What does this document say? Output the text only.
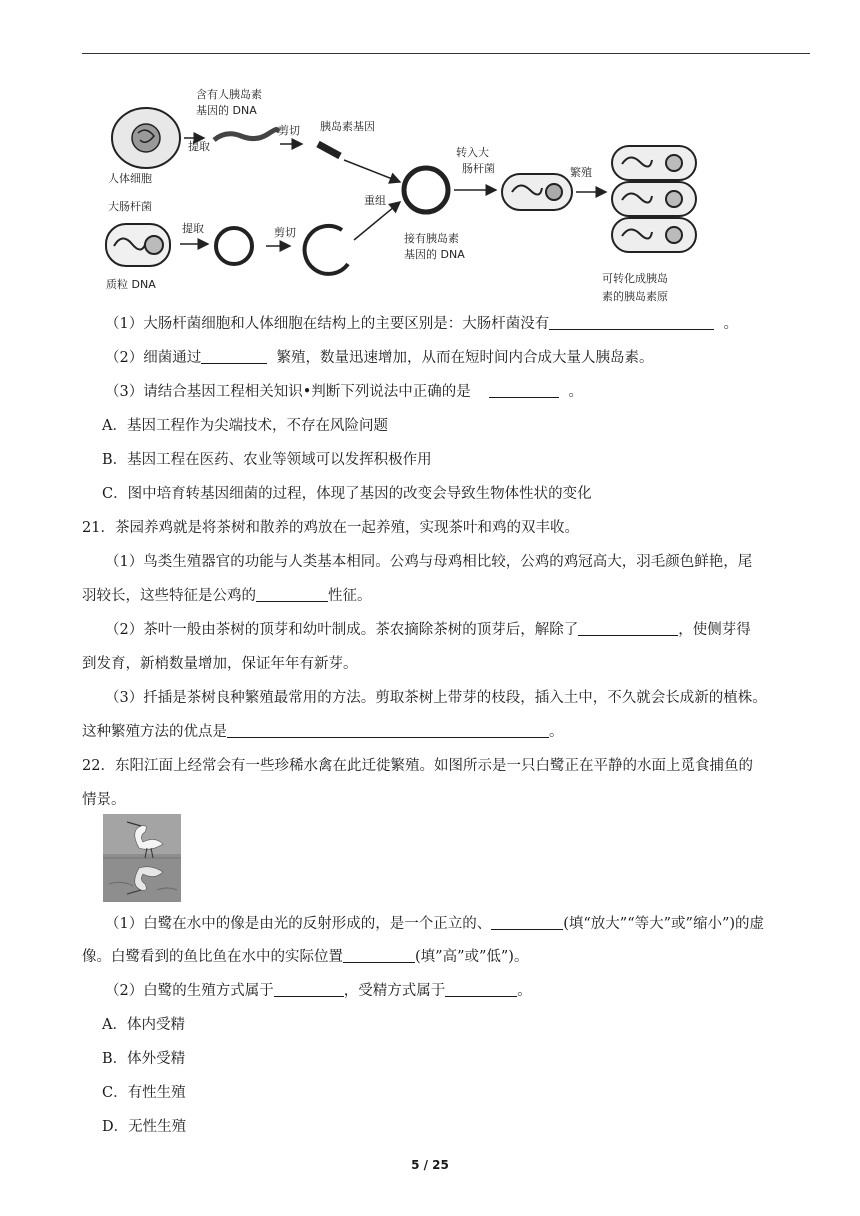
人体细胞
提取
含有人胰岛素
基因的 DNA
剪切 胰岛素基因
大肠杆菌
质粒 DNA
提取	剪切
重组
接有胰岛素
基因的 DNA
转入大
肠杆菌	繁殖
可转化成胰岛
素的胰岛素原
（1）大肠杆菌细胞和人体细胞在结构上的主要区别是：大肠杆菌没有	。
（2）细菌通过	繁殖，数量迅速增加，从而在短时间内合成大量人胰岛素。
（3）请结合基因工程相关知识•判断下列说法中正确的是	。
A．基因工程作为尖端技术，不存在风险问题
B．基因工程在医药、农业等领域可以发挥积极作用
C．图中培育转基因细菌的过程，体现了基因的改变会导致生物体性状的变化
21．茶园养鸡就是将茶树和散养的鸡放在一起养殖，实现茶叶和鸡的双丰收。
（1）鸟类生殖器官的功能与人类基本相同。公鸡与母鸡相比较，公鸡的鸡冠高大，羽毛颜色鲜艳，尾
羽较长，这些特征是公鸡的	性征。
（2）茶叶一般由茶树的顶芽和幼叶制成。茶农摘除茶树的顶芽后，解除了	，使侧芽得
到发育，新梢数量增加，保证年年有新芽。
（3）扦插是茶树良种繁殖最常用的方法。剪取茶树上带芽的枝段，插入土中，不久就会长成新的植株。
这种繁殖方法的优点是	。
22．东阳江面上经常会有一些珍稀水禽在此迁徙繁殖。如图所示是一只白鹭正在平静的水面上觅食捕鱼的
情景。
（1）白鹭在水中的像是由光的反射形成的，是一个正立的、	(填“放大”“等大”或”缩小”)的虚
像。白鹭看到的鱼比鱼在水中的实际位置	(填”高”或”低”)。
（2）白鹭的生殖方式属于	，受精方式属于	。
A．体内受精
B．体外受精
C．有性生殖
D．无性生殖
5 / 25
